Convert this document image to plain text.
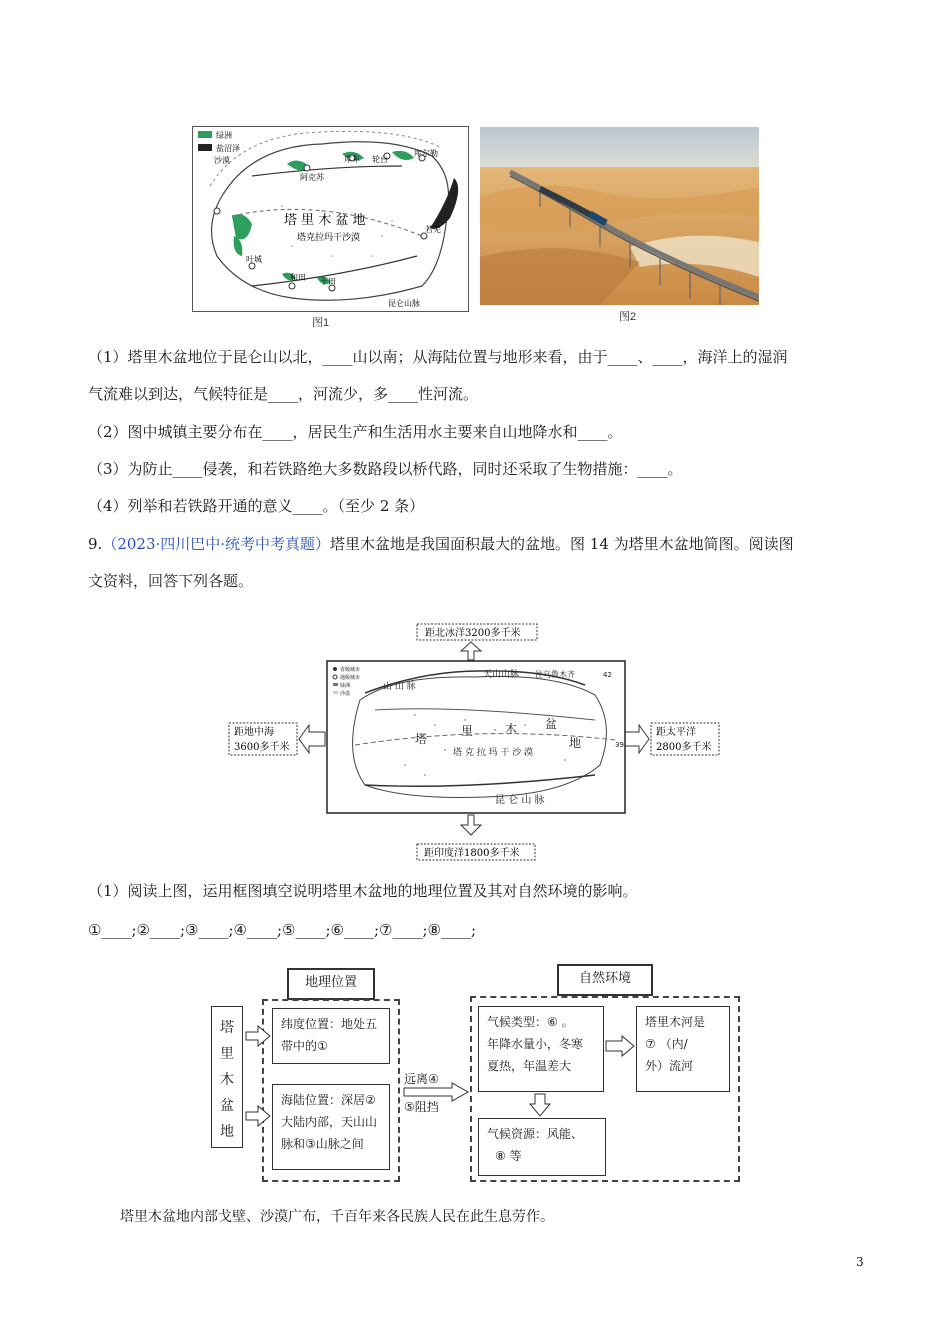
绿洲
盐沼泽
沙漠
塔 里 木 盆 地
塔克拉玛干沙漠
阿克苏
库车 轮台
库尔勒
若羌
和田 于田
叶城
昆仑山脉
图1	图2
（1）塔里木盆地位于昆仑山以北，____山以南；从海陆位置与地形来看，由于____、____，海洋上的湿润
气流难以到达，气候特征是____，河流少，多____性河流。
（2）图中城镇主要分布在____，居民生产和生活用水主要来自山地降水和____。
（3）为防止____侵袭，和若铁路绝大多数路段以桥代路，同时还采取了生物措施：____。
（4）列举和若铁路开通的意义____。（至少 2 条）
9.（2023·四川巴中·统考中考真题）塔里木盆地是我国面积最大的盆地。图 14 为塔里木盆地简图。阅读图
文资料，回答下列各题。
距北冰洋3200多千米
距印度洋1800多千米
距地中海
3600多千米
距太平洋
2800多千米
省级城市
地级城市
绿洲
沙漠
山 山 脉
天山山脉 往乌鲁木齐	42
39
塔
里	木 盆
地
塔 克 拉 玛 干 沙 漠
昆 仑 山 脉
（1）阅读上图，运用框图填空说明塔里木盆地的地理位置及其对自然环境的影响。
①____;②____;③____;④____;⑤____;⑥____;⑦____;⑧____;
塔
里
木
盆
地
地理位置
纬度位置：地处五
带中的①
海陆位置：深居②
大陆内部，天山山
脉和③山脉之间
远离④
⑤阻挡
自然环境
气候类型：⑥ 。
年降水量小，冬寒
夏热，年温差大
塔里木河是
⑦ （内/
外）流河
气候资源：风能、
⑧ 等
塔里木盆地内部戈壁、沙漠广布，千百年来各民族人民在此生息劳作。
3
